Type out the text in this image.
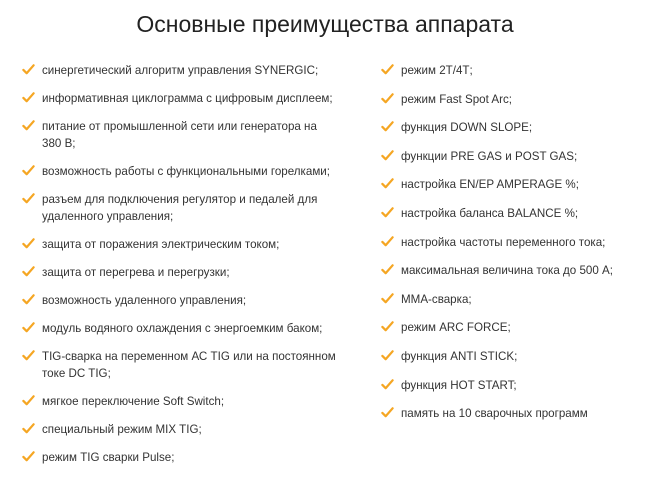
Основные преимущества аппарата
синергетический алгоритм управления SYNERGIC;
информативная циклограмма с цифровым дисплеем;
питание от промышленной сети или генератора на 380 В;
возможность работы с функциональными горелками;
разъем для подключения регулятор и педалей для удаленного управления;
защита от поражения электрическим током;
защита от перегрева и перегрузки;
возможность удаленного управления;
модуль водяного охлаждения с энергоемким баком;
TIG-сварка на переменном АС TIG или на постоянном токе DC TIG;
мягкое переключение Soft Switch;
специальный режим MIX TIG;
режим TIG сварки Pulse;
режим 2Т/4Т;
режим Fast Spot Arc;
функция DOWN SLOPE;
функции PRE GAS и POST GAS;
настройка EN/EP AMPERAGE %;
настройка баланса BALANCE %;
настройка частоты переменного тока;
максимальная величина тока до 500 А;
ММА-сварка;
режим ARC FORCE;
функция ANTI STICK;
функция HOT START;
память на 10 сварочных программ
